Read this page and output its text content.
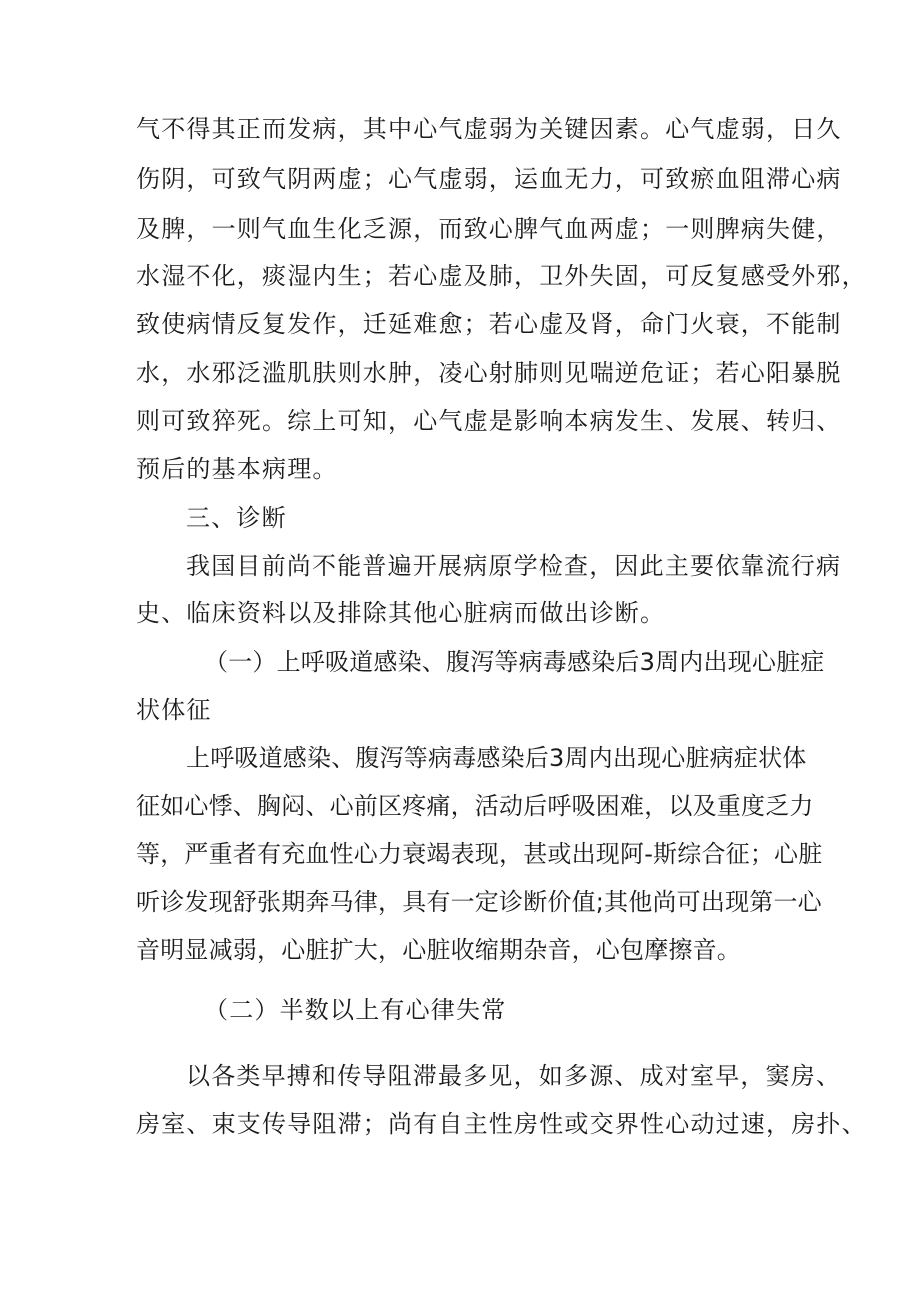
气不得其正而发病，其中心气虚弱为关键因素。心气虚弱，日久
伤阴，可致气阴两虚；心气虚弱，运血无力，可致瘀血阻滞心病
及脾，一则气血生化乏源，而致心脾气血两虚；一则脾病失健，
水湿不化，痰湿内生；若心虚及肺，卫外失固，可反复感受外邪，
致使病情反复发作，迁延难愈；若心虚及肾，命门火衰，不能制
水，水邪泛滥肌肤则水肿，凌心射肺则见喘逆危证；若心阳暴脱
则可致猝死。综上可知，心气虚是影响本病发生、发展、转归、
预后的基本病理。
三、诊断
我国目前尚不能普遍开展病原学检查，因此主要依靠流行病
史、临床资料以及排除其他心脏病而做出诊断。
（一）上呼吸道感染、腹泻等病毒感染后3周内出现心脏症
状体征
上呼吸道感染、腹泻等病毒感染后3周内出现心脏病症状体
征如心悸、胸闷、心前区疼痛，活动后呼吸困难，以及重度乏力
等，严重者有充血性心力衰竭表现，甚或出现阿-斯综合征；心脏
听诊发现舒张期奔马律，具有一定诊断价值;其他尚可出现第一心
音明显减弱，心脏扩大，心脏收缩期杂音，心包摩擦音。
（二）半数以上有心律失常
以各类早搏和传导阻滞最多见，如多源、成对室早，窦房、
房室、束支传导阻滞；尚有自主性房性或交界性心动过速，房扑、
